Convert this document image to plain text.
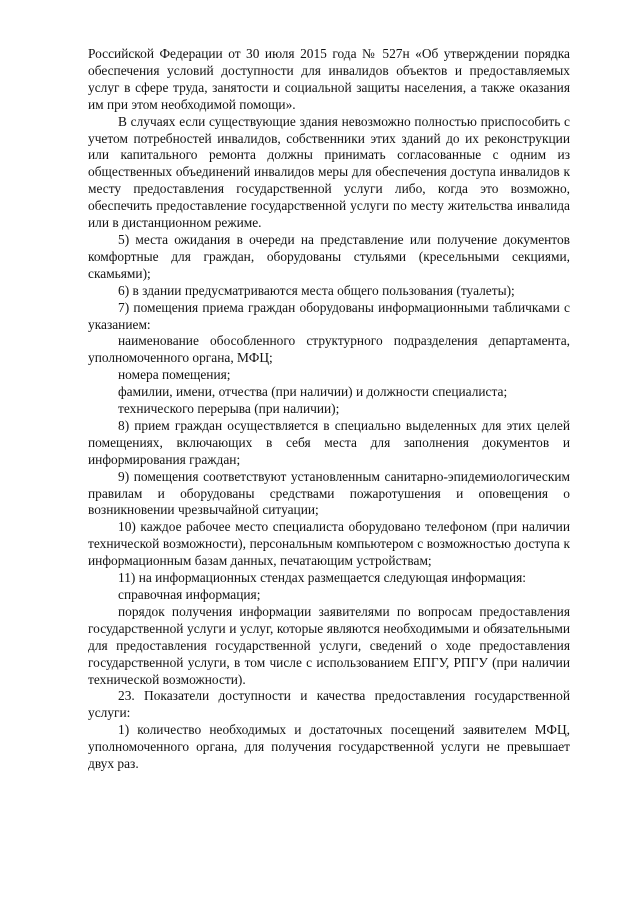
Российской Федерации от 30 июля 2015 года № 527н «Об утверждении порядка обеспечения условий доступности для инвалидов объектов и предоставляемых услуг в сфере труда, занятости и социальной защиты населения, а также оказания им при этом необходимой помощи».

В случаях если существующие здания невозможно полностью приспособить с учетом потребностей инвалидов, собственники этих зданий до их реконструкции или капитального ремонта должны принимать согласованные с одним из общественных объединений инвалидов меры для обеспечения доступа инвалидов к месту предоставления государственной услуги либо, когда это возможно, обеспечить предоставление государственной услуги по месту жительства инвалида или в дистанционном режиме.

5) места ожидания в очереди на представление или получение документов комфортные для граждан, оборудованы стульями (кресельными секциями, скамьями);

6) в здании предусматриваются места общего пользования (туалеты);

7) помещения приема граждан оборудованы информационными табличками с указанием:

наименование обособленного структурного подразделения департамента, уполномоченного органа, МФЦ;

номера помещения;

фамилии, имени, отчества (при наличии) и должности специалиста;

технического перерыва (при наличии);

8) прием граждан осуществляется в специально выделенных для этих целей помещениях, включающих в себя места для заполнения документов и информирования граждан;

9) помещения соответствуют установленным санитарно-эпидемиологическим правилам и оборудованы средствами пожаротушения и оповещения о возникновении чрезвычайной ситуации;

10) каждое рабочее место специалиста оборудовано телефоном (при наличии технической возможности), персональным компьютером с возможностью доступа к информационным базам данных, печатающим устройствам;

11) на информационных стендах размещается следующая информация:

справочная информация;

порядок получения информации заявителями по вопросам предоставления государственной услуги и услуг, которые являются необходимыми и обязательными для предоставления государственной услуги, сведений о ходе предоставления государственной услуги, в том числе с использованием ЕПГУ, РПГУ (при наличии технической возможности).

23. Показатели доступности и качества предоставления государственной услуги:

1) количество необходимых и достаточных посещений заявителем МФЦ, уполномоченного органа, для получения государственной услуги не превышает двух раз.
